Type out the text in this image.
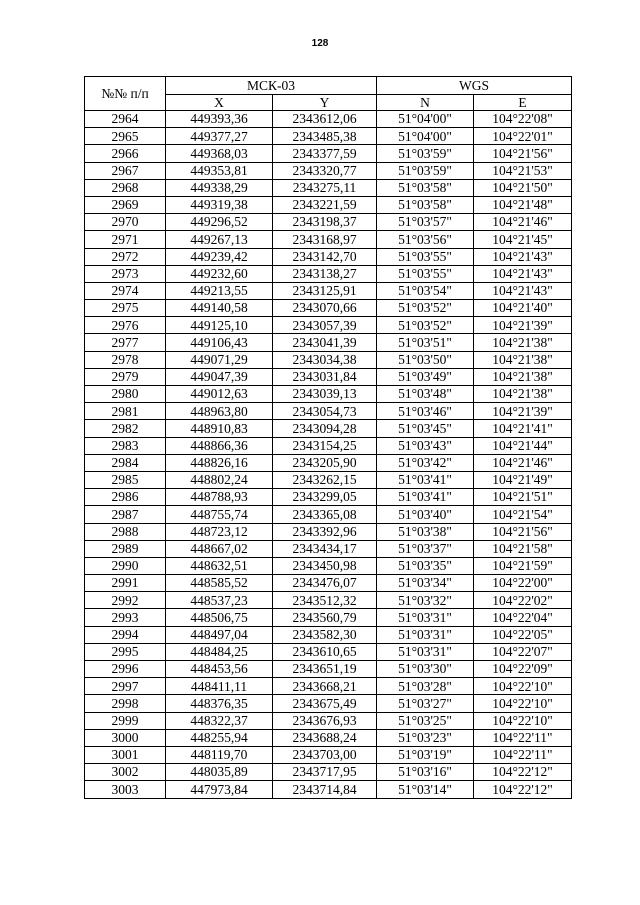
128
№№ п/п	МСК-03		WGS	
	X	Y	N	E
2964	449393,36	2343612,06	51°04'00"	104°22'08"
2965	449377,27	2343485,38	51°04'00"	104°22'01"
2966	449368,03	2343377,59	51°03'59"	104°21'56"
2967	449353,81	2343320,77	51°03'59"	104°21'53"
2968	449338,29	2343275,11	51°03'58"	104°21'50"
2969	449319,38	2343221,59	51°03'58"	104°21'48"
2970	449296,52	2343198,37	51°03'57"	104°21'46"
2971	449267,13	2343168,97	51°03'56"	104°21'45"
2972	449239,42	2343142,70	51°03'55"	104°21'43"
2973	449232,60	2343138,27	51°03'55"	104°21'43"
2974	449213,55	2343125,91	51°03'54"	104°21'43"
2975	449140,58	2343070,66	51°03'52"	104°21'40"
2976	449125,10	2343057,39	51°03'52"	104°21'39"
2977	449106,43	2343041,39	51°03'51"	104°21'38"
2978	449071,29	2343034,38	51°03'50"	104°21'38"
2979	449047,39	2343031,84	51°03'49"	104°21'38"
2980	449012,63	2343039,13	51°03'48"	104°21'38"
2981	448963,80	2343054,73	51°03'46"	104°21'39"
2982	448910,83	2343094,28	51°03'45"	104°21'41"
2983	448866,36	2343154,25	51°03'43"	104°21'44"
2984	448826,16	2343205,90	51°03'42"	104°21'46"
2985	448802,24	2343262,15	51°03'41"	104°21'49"
2986	448788,93	2343299,05	51°03'41"	104°21'51"
2987	448755,74	2343365,08	51°03'40"	104°21'54"
2988	448723,12	2343392,96	51°03'38"	104°21'56"
2989	448667,02	2343434,17	51°03'37"	104°21'58"
2990	448632,51	2343450,98	51°03'35"	104°21'59"
2991	448585,52	2343476,07	51°03'34"	104°22'00"
2992	448537,23	2343512,32	51°03'32"	104°22'02"
2993	448506,75	2343560,79	51°03'31"	104°22'04"
2994	448497,04	2343582,30	51°03'31"	104°22'05"
2995	448484,25	2343610,65	51°03'31"	104°22'07"
2996	448453,56	2343651,19	51°03'30"	104°22'09"
2997	448411,11	2343668,21	51°03'28"	104°22'10"
2998	448376,35	2343675,49	51°03'27"	104°22'10"
2999	448322,37	2343676,93	51°03'25"	104°22'10"
3000	448255,94	2343688,24	51°03'23"	104°22'11"
3001	448119,70	2343703,00	51°03'19"	104°22'11"
3002	448035,89	2343717,95	51°03'16"	104°22'12"
3003	447973,84	2343714,84	51°03'14"	104°22'12"
